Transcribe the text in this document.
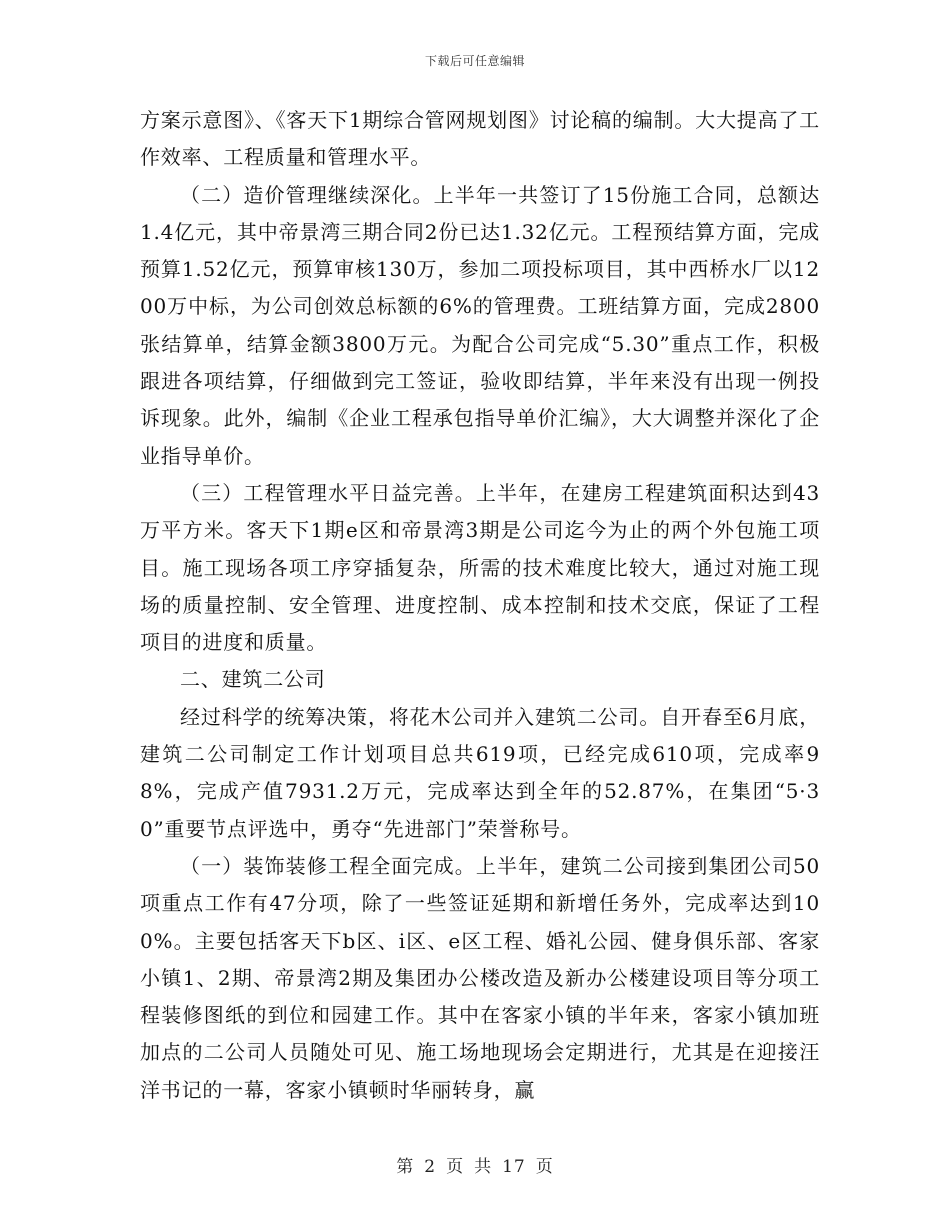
下载后可任意编辑

方案示意图》、《客天下1期综合管网规划图》讨论稿的编制。大大提高了工作效率、工程质量和管理水平。

（二）造价管理继续深化。上半年一共签订了15份施工合同，总额达1.4亿元，其中帝景湾三期合同2份已达1.32亿元。工程预结算方面，完成预算1.52亿元，预算审核130万，参加二项投标项目，其中西桥水厂以1200万中标，为公司创效总标额的6%的管理费。工班结算方面，完成2800张结算单，结算金额3800万元。为配合公司完成“5.30”重点工作，积极跟进各项结算，仔细做到完工签证，验收即结算，半年来没有出现一例投诉现象。此外，编制《企业工程承包指导单价汇编》，大大调整并深化了企业指导单价。

（三）工程管理水平日益完善。上半年，在建房工程建筑面积达到43万平方米。客天下1期e区和帝景湾3期是公司迄今为止的两个外包施工项目。施工现场各项工序穿插复杂，所需的技术难度比较大，通过对施工现场的质量控制、安全管理、进度控制、成本控制和技术交底，保证了工程项目的进度和质量。

二、建筑二公司

经过科学的统筹决策，将花木公司并入建筑二公司。自开春至6月底，建筑二公司制定工作计划项目总共619项，已经完成610项，完成率98%，完成产值7931.2万元，完成率达到全年的52.87%，在集团“5·30”重要节点评选中，勇夺“先进部门”荣誉称号。

（一）装饰装修工程全面完成。上半年，建筑二公司接到集团公司50项重点工作有47分项，除了一些签证延期和新增任务外，完成率达到100%。主要包括客天下b区、i区、e区工程、婚礼公园、健身俱乐部、客家小镇1、2期、帝景湾2期及集团办公楼改造及新办公楼建设项目等分项工程装修图纸的到位和园建工作。其中在客家小镇的半年来，客家小镇加班加点的二公司人员随处可见、施工场地现场会定期进行，尤其是在迎接汪洋书记的一幕，客家小镇顿时华丽转身，赢

第 2 页 共 17 页
